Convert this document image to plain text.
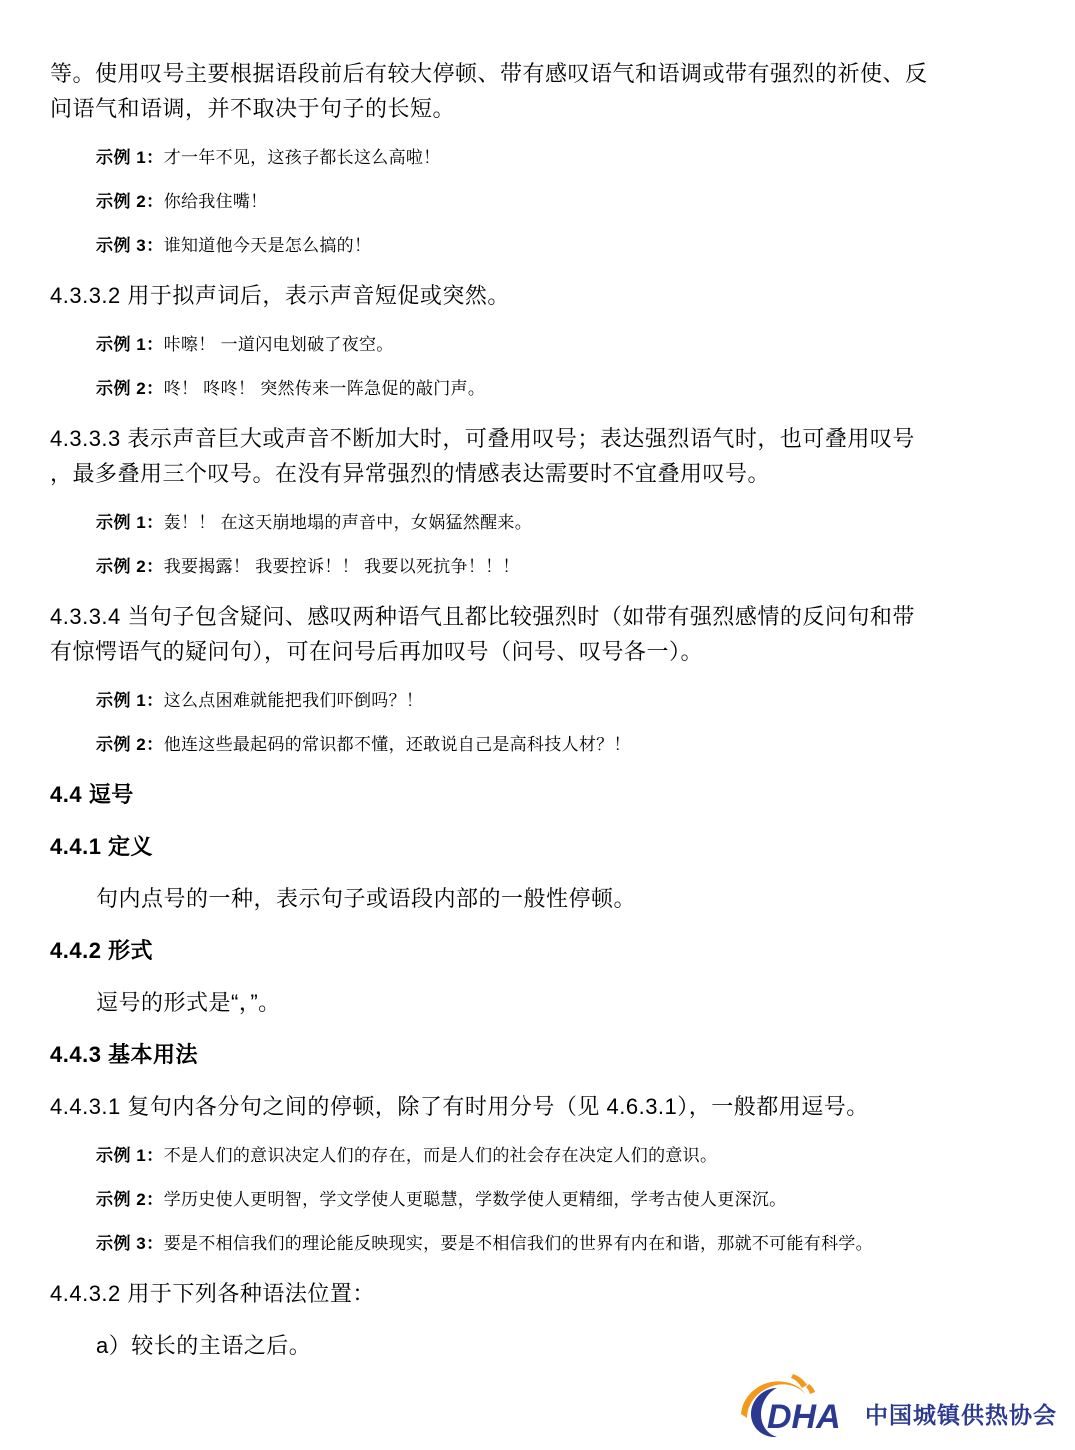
等。使用叹号主要根据语段前后有较大停顿、带有感叹语气和语调或带有强烈的祈使、反
问语气和语调，并不取决于句子的长短。
示例 1：才一年不见，这孩子都长这么高啦！
示例 2：你给我住嘴！
示例 3：谁知道他今天是怎么搞的！
4.3.3.2 用于拟声词后，表示声音短促或突然。
示例 1：咔嚓！ 一道闪电划破了夜空。
示例 2：咚！ 咚咚！ 突然传来一阵急促的敲门声。
4.3.3.3 表示声音巨大或声音不断加大时，可叠用叹号；表达强烈语气时，也可叠用叹号
，最多叠用三个叹号。在没有异常强烈的情感表达需要时不宜叠用叹号。
示例 1：轰！！ 在这天崩地塌的声音中，女娲猛然醒来。
示例 2：我要揭露！ 我要控诉！！ 我要以死抗争！！！
4.3.3.4 当句子包含疑问、感叹两种语气且都比较强烈时（如带有强烈感情的反问句和带
有惊愕语气的疑问句），可在问号后再加叹号（问号、叹号各一）。
示例 1：这么点困难就能把我们吓倒吗？！
示例 2：他连这些最起码的常识都不懂，还敢说自己是高科技人材？！
4.4 逗号
4.4.1 定义
句内点号的一种，表示句子或语段内部的一般性停顿。
4.4.2 形式
逗号的形式是“，”。
4.4.3 基本用法
4.4.3.1 复句内各分句之间的停顿，除了有时用分号（见 4.6.3.1），一般都用逗号。
示例 1：不是人们的意识决定人们的存在，而是人们的社会存在决定人们的意识。
示例 2：学历史使人更明智，学文学使人更聪慧，学数学使人更精细，学考古使人更深沉。
示例 3：要是不相信我们的理论能反映现实，要是不相信我们的世界有内在和谐，那就不可能有科学。
4.4.3.2 用于下列各种语法位置：
a）较长的主语之后。
DHA 中国城镇供热协会
